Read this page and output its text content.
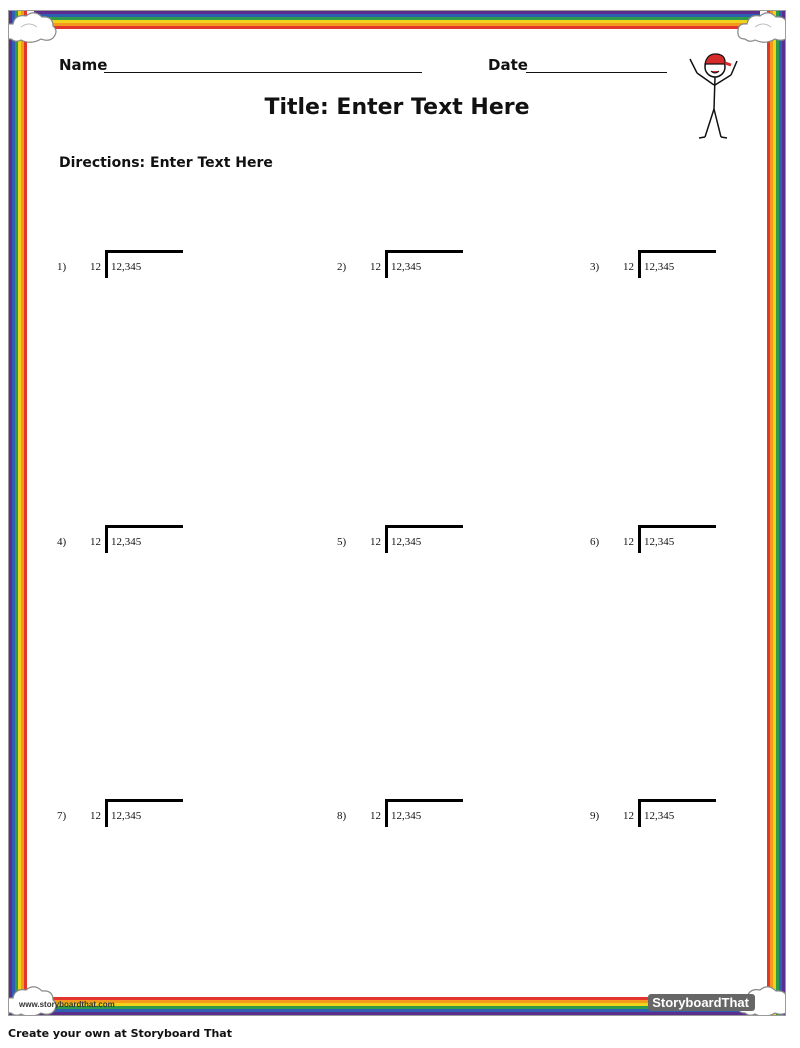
Name	Date
Title: Enter Text Here
Directions: Enter Text Here
1) 12 12,345	2) 12 12,345	3) 12 12,345
4) 12 12,345	5) 12 12,345	6) 12 12,345
7) 12 12,345	8) 12 12,345	9) 12 12,345
www.storyboardthat.com	StoryboardThat
Create your own at Storyboard That
